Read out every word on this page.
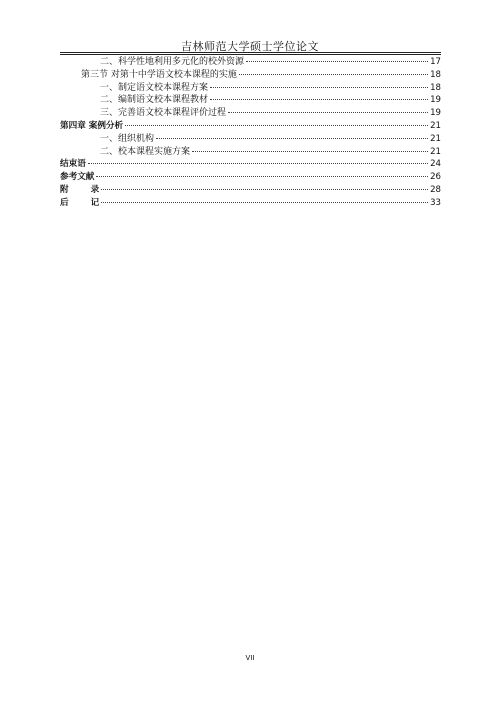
吉林师范大学硕士学位论文
二、科学性地利用多元化的校外资源	17
第三节 对第十中学语文校本课程的实施	18
一、制定语文校本课程方案	18
二、编制语文校本课程教材	19
三、完善语文校本课程评价过程	19
第四章 案例分析	21
一、组织机构	21
二、校本课程实施方案	21
结束语	24
参考文献	26
附	录	28
后	记	33
VII
